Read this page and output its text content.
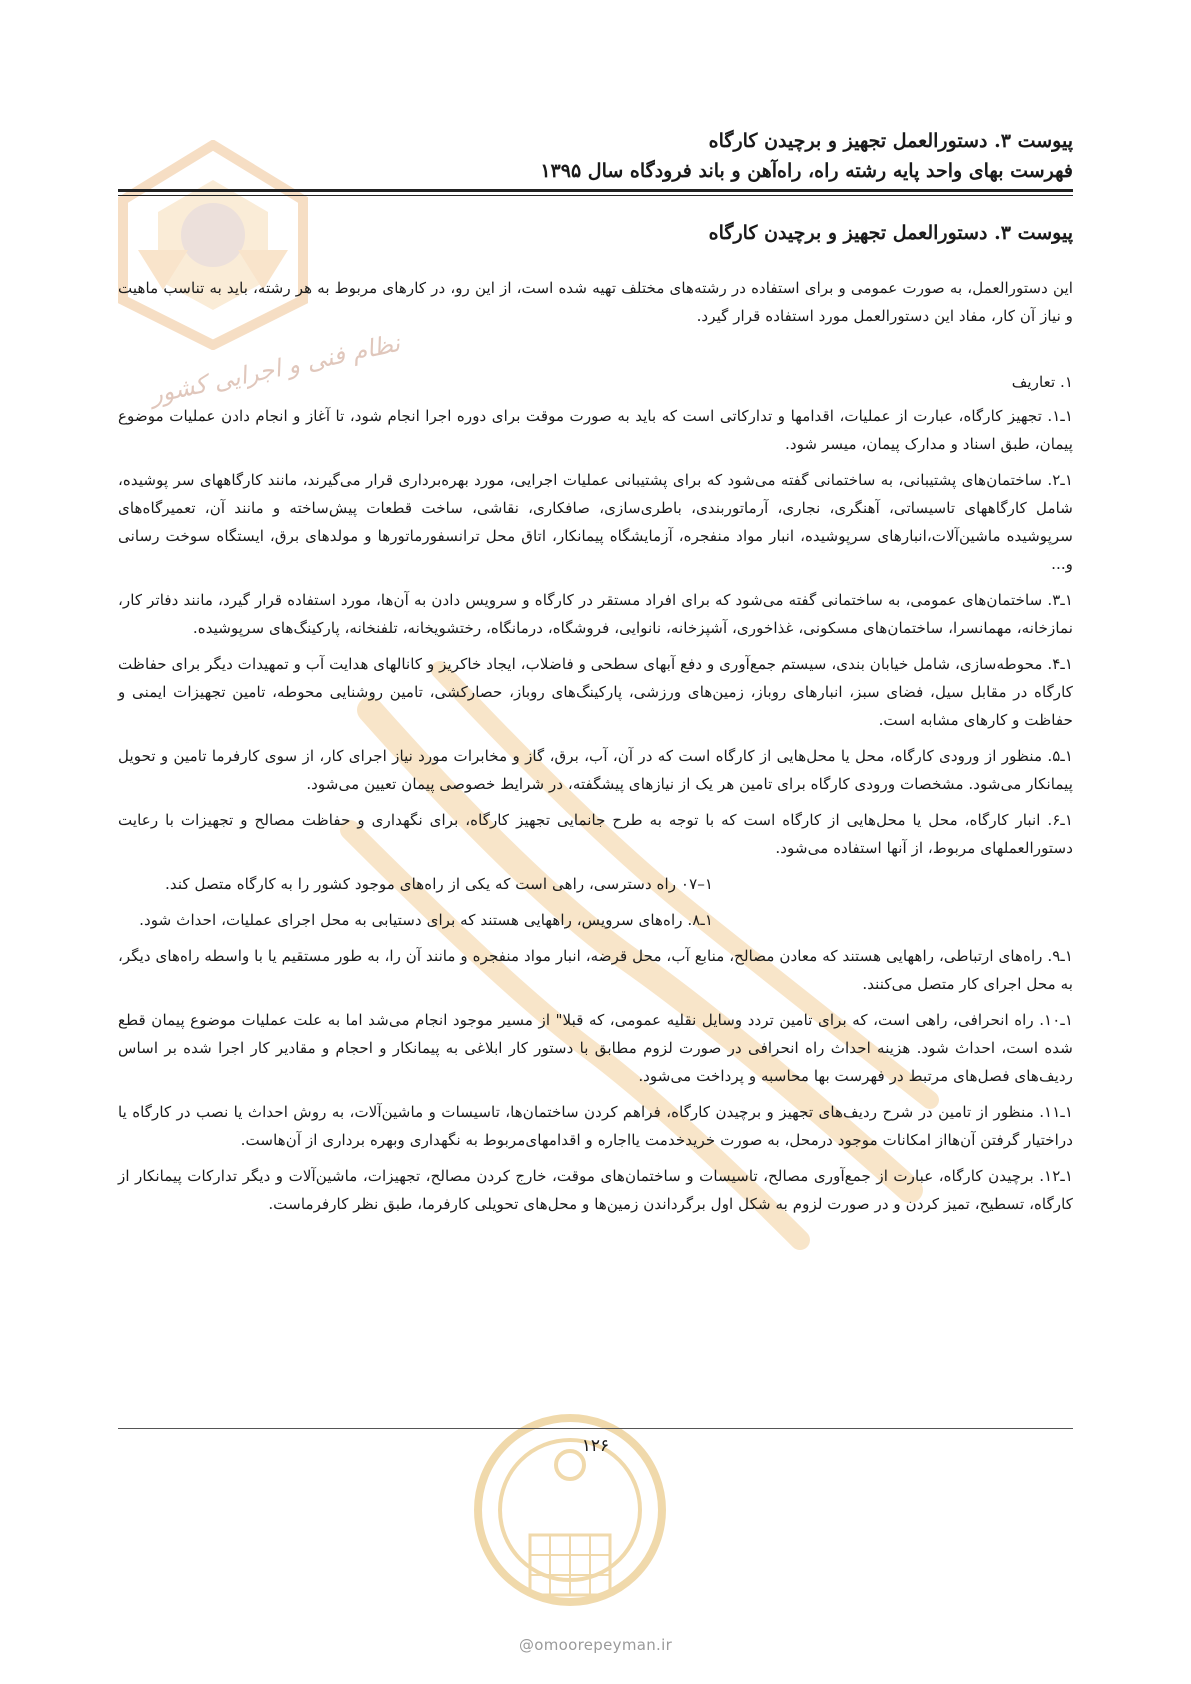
نظام فنی و اجرایی کشور
پیوست ۳. دستورالعمل تجهیز و برچیدن کارگاه
فهرست بهای واحد پایه رشته راه، راه‌آهن و باند فرودگاه سال ۱۳۹۵
پیوست ۳. دستورالعمل تجهیز و برچیدن کارگاه

این دستورالعمل، به صورت عمومی و برای استفاده در رشته‌های مختلف تهیه شده است، از این رو، در کارهای مربوط به هر رشته، باید به تناسب ماهیت و نیاز آن کار، مفاد این دستورالعمل مورد استفاده قرار گیرد.

۱. تعاریف

۱ـ۱. تجهیز کارگاه، عبارت از عملیات، اقدامها و تدارکاتی است که باید به صورت موقت برای دوره اجرا انجام شود، تا آغاز و انجام دادن عملیات موضوع پیمان، طبق اسناد و مدارک پیمان، میسر شود.

۱ـ۲. ساختمان‌های پشتیبانی، به ساختمانی گفته می‌شود که برای پشتیبانی عملیات اجرایی، مورد بهره‌برداری قرار می‌گیرند، مانند کارگاههای سر پوشیده، شامل کارگاههای تاسیساتی، آهنگری، نجاری، آرماتوربندی، باطری‌سازی، صافکاری، نقاشی، ساخت قطعات پیش‌ساخته و مانند آن، تعمیرگاه‌های سرپوشیده ماشین‌آلات،انبارهای سرپوشیده، انبار مواد منفجره، آزمایشگاه پیمانکار، اتاق محل ترانسفورماتورها و مولدهای برق، ایستگاه سوخت رسانی و...

۱ـ۳. ساختمان‌های عمومی، به ساختمانی گفته می‌شود که برای افراد مستقر در کارگاه و سرویس دادن به آن‌ها، مورد استفاده قرار گیرد، مانند دفاتر کار، نمازخانه، مهمانسرا، ساختمان‌های مسکونی، غذاخوری، آشپزخانه، نانوایی، فروشگاه، درمانگاه، رختشویخانه، تلفنخانه، پارکینگ‌های سرپوشیده.

۱ـ۴. محوطه‌سازی، شامل خیابان بندی، سیستم جمع‌آوری و دفع آبهای سطحی و فاضلاب، ایجاد خاکریز و کانالهای هدایت آب و تمهیدات دیگر برای حفاظت کارگاه در مقابل سیل، فضای سبز، انبارهای روباز، زمین‌های ورزشی، پارکینگ‌های روباز، حصارکشی، تامین روشنایی محوطه، تامین تجهیزات ایمنی و حفاظت و کارهای مشابه است.

۱ـ۵. منظور از ورودی کارگاه، محل یا محل‌هایی از کارگاه است که در آن، آب، برق، گاز و مخابرات مورد نیاز اجرای کار، از سوی کارفرما تامین و تحویل پیمانکار می‌شود. مشخصات ورودی کارگاه برای تامین هر یک از نیازهای پیشگفته، در شرایط خصوصی پیمان تعیین می‌شود.

۱ـ۶. انبار کارگاه، محل یا محل‌هایی از کارگاه است که با توجه به طرح جانمایی تجهیز کارگاه، برای نگهداری و حفاظت مصالح و تجهیزات با رعایت دستورالعملهای مربوط، از آنها استفاده می‌شود.

۱–۰۷ راه دسترسی، راهی است که یکی از راه‌های موجود کشور را به کارگاه متصل کند.

۱ـ۸. راه‌های سرویس، راههایی هستند که برای دستیابی به محل اجرای عملیات، احداث شود.

۱ـ۹. راه‌های ارتباطی، راههایی هستند که معادن مصالح، منابع آب، محل قرضه، انبار مواد منفجره و مانند آن را، به طور مستقیم یا با واسطه راه‌های دیگر، به محل اجرای کار متصل می‌کنند.

۱ـ۱۰. راه انحرافی، راهی است، که برای تامین تردد وسایل نقلیه عمومی، که قبلا" از مسیر موجود انجام می‌شد اما به علت عملیات موضوع پیمان قطع شده است، احداث شود. هزینه احداث راه انحرافی در صورت لزوم مطابق با دستور کار ابلاغی به پیمانکار و احجام و مقادیر کار اجرا شده بر اساس ردیف‌های فصل‌های مرتبط در فهرست بها محاسبه و پرداخت می‌شود.

۱ـ۱۱. منظور از تامین در شرح ردیف‌های تجهیز و برچیدن کارگاه، فراهم کردن ساختمان‌ها، تاسیسات و ماشین‌آلات، به روش احداث یا نصب در کارگاه یا دراختیار گرفتن آن‌هااز امکانات موجود درمحل، به صورت خریدخدمت یااجاره و اقدامهای‌مربوط به نگهداری وبهره برداری از آن‌هاست.

۱ـ۱۲. برچیدن کارگاه، عبارت از جمع‌آوری مصالح، تاسیسات و ساختمان‌های موقت، خارج کردن مصالح، تجهیزات، ماشین‌آلات و دیگر تدارکات پیمانکار از کارگاه، تسطیح، تمیز کردن و در صورت لزوم به شکل اول برگرداندن زمین‌ها و محل‌های تحویلی کارفرما، طبق نظر کارفرماست.

۱۲۶
@omoorepeyman.ir
